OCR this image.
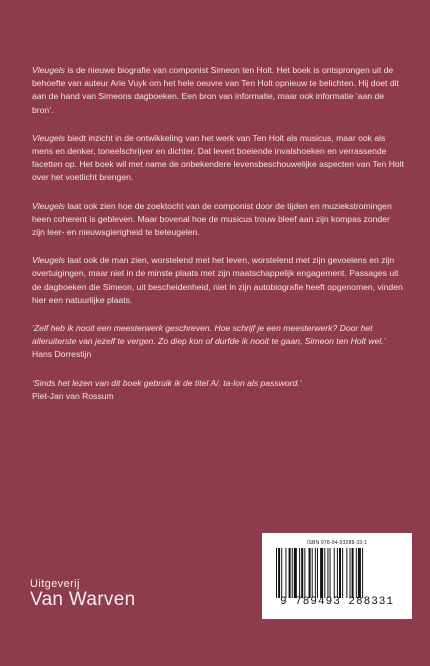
Vleugels is de nieuwe biografie van componist Simeon ten Holt. Het boek is ontsprongen uit de behoefte van auteur Arie Vuyk om het hele oeuvre van Ten Holt opnieuw te belichten. Hij doet dit aan de hand van Simeons dagboeken. Een bron van informatie, maar ook informatie ‘aan de bron’.

Vleugels biedt inzicht in de ontwikkeling van het werk van Ten Holt als musicus, maar ook als mens en denker, toneelschrijver en dichter. Dat levert boeiende invalshoeken en verrassende facetten op. Het boek wil met name de onbekendere levensbeschouwelijke aspecten van Ten Holt over het voetlicht brengen.

Vleugels laat ook zien hoe de zoektocht van de componist door de tijden en muziekstromingen heen coherent is gebleven. Maar bovenal hoe de musicus trouw bleef aan zijn kompas zonder zijn leer- en nieuwsgierigheid te beteugelen.

Vleugels laat ook de man zien, worstelend met het leven, worstelend met zijn gevoelens en zijn overtuigingen, maar niet in de minste plaats met zijn maatschappelijk engagement. Passages uit de dagboeken die Simeon, uit bescheidenheid, niet in zijn autobiografie heeft opgenomen, vinden hier een natuurlijke plaats.

‘Zelf heb ik nooit een meesterwerk geschreven. Hoe schrijf je een meesterwerk? Door het alleruiterste van jezelf te vergen. Zo diep kon of durfde ik nooit te gaan, Simeon ten Holt wel.’
Hans Dorrestijn

‘Sinds het lezen van dit boek gebruik ik de titel A/. ta-lon als password.’
Piet-Jan van Rossum

ISBN 978-94-93288-33-1
9 789493 288331
Uitgeverij
Van Warven
